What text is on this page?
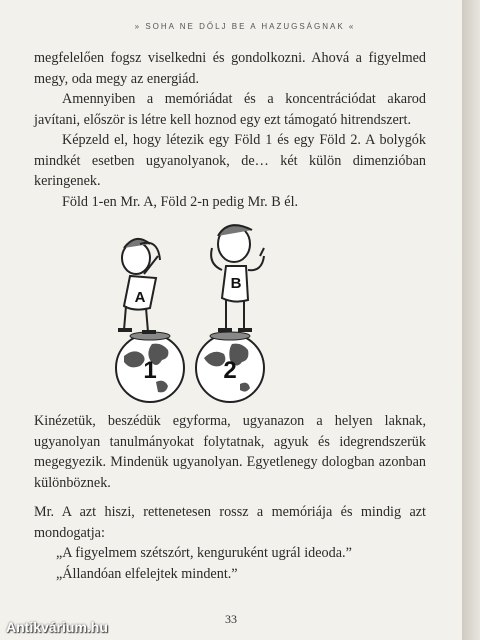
» SOHA NE DŐLJ BE A HAZUGSÁGNAK «

megfelelően fogsz viselkedni és gondolkozni. Ahová a figyelmed megy, oda megy az energiád.

Amennyiben a memóriádat és a koncentrációdat akarod javítani, először is létre kell hoznod egy ezt támogató hitrendszert.

Képzeld el, hogy létezik egy Föld 1 és egy Föld 2. A bolygók mindkét esetben ugyanolyanok, de… két külön dimenzióban keringenek.

Föld 1-en Mr. A, Föld 2-n pedig Mr. B él.

1	2
A
B

Kinézetük, beszédük egyforma, ugyanazon a helyen laknak, ugyanolyan tanulmányokat folytatnak, agyuk és idegrendszerük megegyezik. Mindenük ugyanolyan. Egyetlenegy dologban azonban különböznek.

Mr. A azt hiszi, rettenetesen rossz a memóriája és mindig azt mondogatja:

„A figyelmem szétszórt, kenguruként ugrál ideoda.”

„Állandóan elfelejtek mindent.”

33
Antikvárium.hu
